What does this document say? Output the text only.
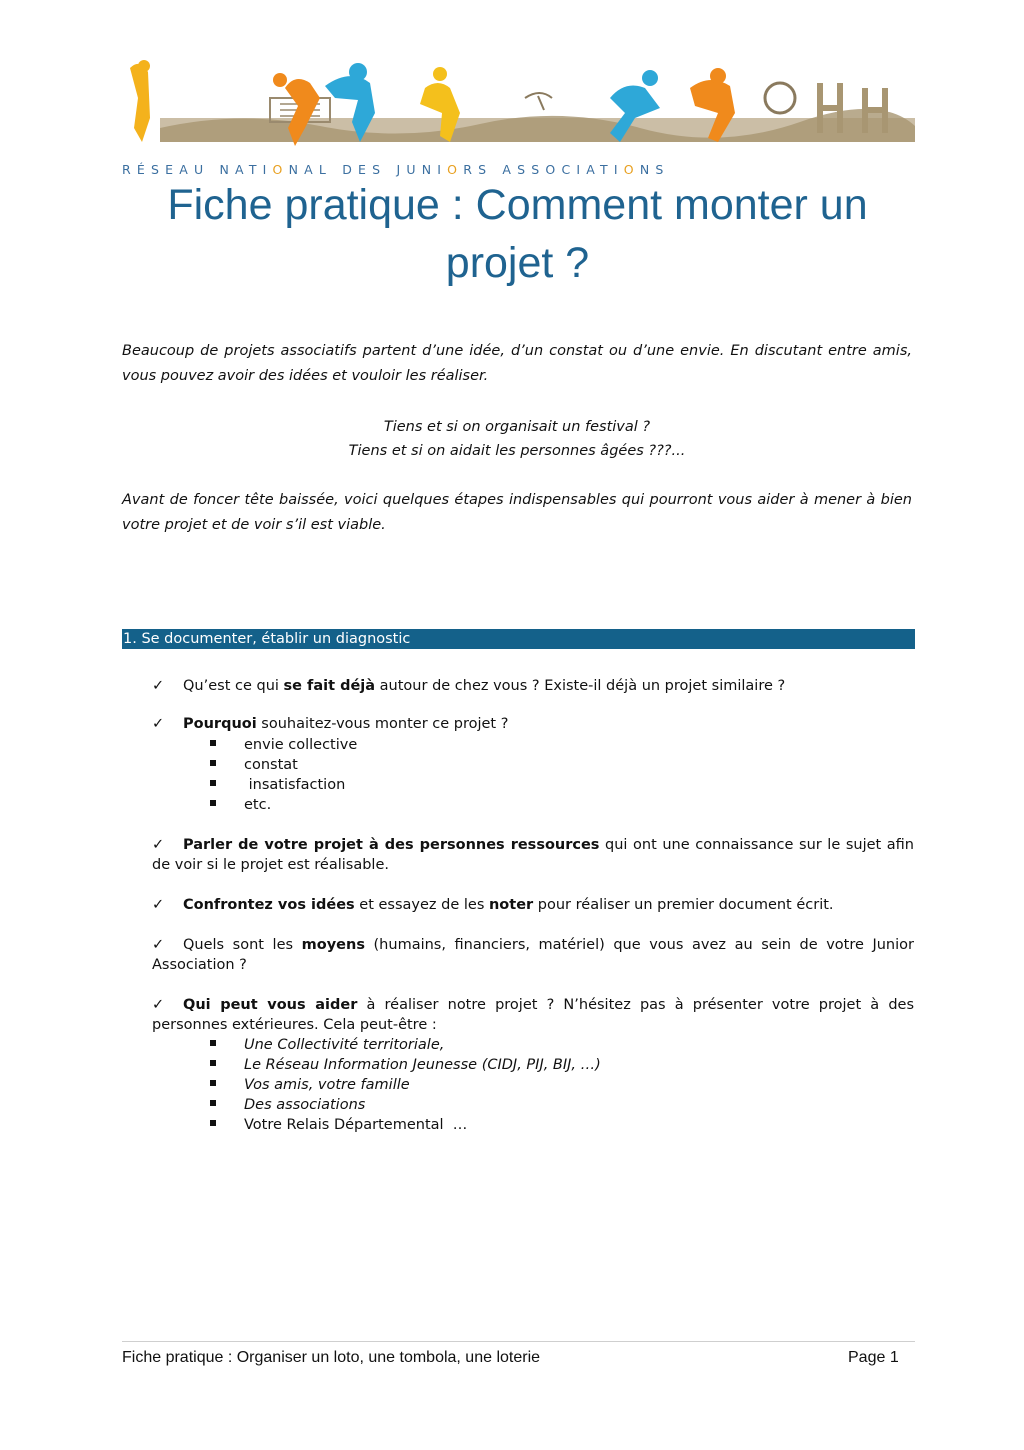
RÉSEAU NATIONAL DES JUNIORS ASSOCIATIONS
Fiche pratique : Comment monter un projet ?

Beaucoup de projets associatifs partent d’une idée, d’un constat ou d’une envie. En discutant entre amis, vous pouvez avoir des idées et vouloir les réaliser.

Tiens et si on organisait un festival ?

Tiens et si on aidait les personnes âgées ???...

Avant de foncer tête baissée, voici quelques étapes indispensables qui pourront vous aider à mener à bien votre projet et de voir s’il est viable.

1. Se documenter, établir un diagnostic

✓ Qu’est ce qui se fait déjà autour de chez vous ? Existe-il déjà un projet similaire ?

✓ Pourquoi souhaitez-vous monter ce projet ?

envie collective

constat

insatisfaction

etc.

✓ Parler de votre projet à des personnes ressources qui ont une connaissance sur le sujet afin de voir si le projet est réalisable.

✓ Confrontez vos idées et essayez de les noter pour réaliser un premier document écrit.

✓ Quels sont les moyens (humains, financiers, matériel) que vous avez au sein de votre Junior Association ?

✓ Qui peut vous aider à réaliser notre projet ? N’hésitez pas à présenter votre projet à des personnes extérieures. Cela peut-être :

Une Collectivité territoriale,

Le Réseau Information Jeunesse (CIDJ, PIJ, BIJ, …)

Vos amis, votre famille

Des associations

Votre Relais Départemental  …

Fiche pratique : Organiser un loto, une tombola, une loterie	Page 1
